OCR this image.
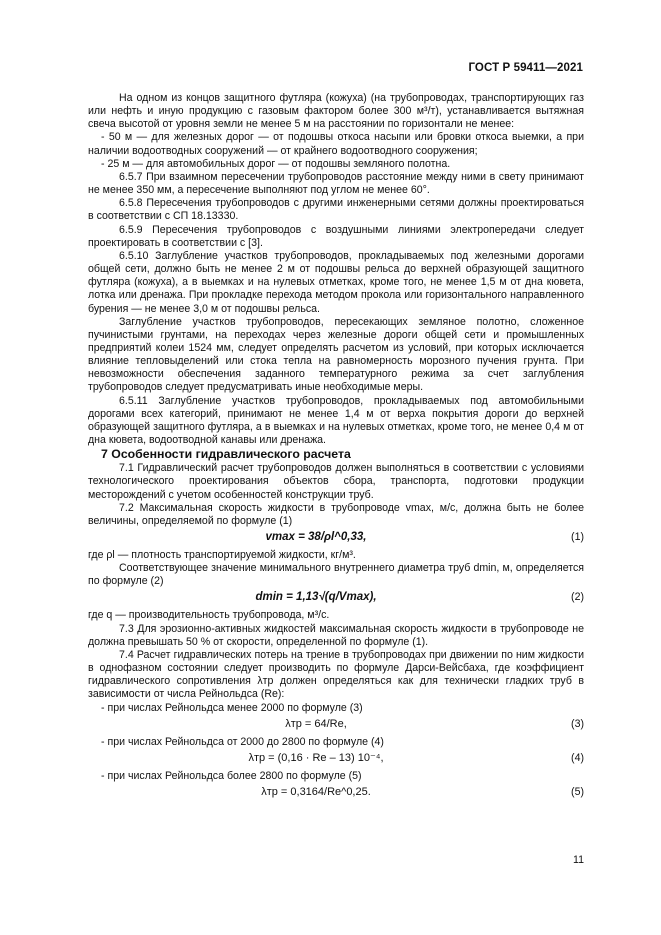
ГОСТ Р 59411—2021

На одном из концов защитного футляра (кожуха) (на трубопроводах, транспортирующих газ или нефть и иную продукцию с газовым фактором более 300 м³/т), устанавливается вытяжная свеча высотой от уровня земли не менее 5 м на расстоянии по горизонтали не менее:

- 50 м — для железных дорог — от подошвы откоса насыпи или бровки откоса выемки, а при наличии водоотводных сооружений — от крайнего водоотводного сооружения;

- 25 м — для автомобильных дорог — от подошвы земляного полотна.

6.5.7 При взаимном пересечении трубопроводов расстояние между ними в свету принимают не менее 350 мм, а пересечение выполняют под углом не менее 60°.

6.5.8 Пересечения трубопроводов с другими инженерными сетями должны проектироваться в соответствии с СП 18.13330.

6.5.9 Пересечения трубопроводов с воздушными линиями электропередачи следует проектировать в соответствии с [3].

6.5.10 Заглубление участков трубопроводов, прокладываемых под железными дорогами общей сети, должно быть не менее 2 м от подошвы рельса до верхней образующей защитного футляра (кожуха), а в выемках и на нулевых отметках, кроме того, не менее 1,5 м от дна кювета, лотка или дренажа. При прокладке перехода методом прокола или горизонтального направленного бурения — не менее 3,0 м от подошвы рельса.

Заглубление участков трубопроводов, пересекающих земляное полотно, сложенное пучинистыми грунтами, на переходах через железные дороги общей сети и промышленных предприятий колеи 1524 мм, следует определять расчетом из условий, при которых исключается влияние тепловыделений или стока тепла на равномерность морозного пучения грунта. При невозможности обеспечения заданного температурного режима за счет заглубления трубопроводов следует предусматривать иные необходимые меры.

6.5.11 Заглубление участков трубопроводов, прокладываемых под автомобильными дорогами всех категорий, принимают не менее 1,4 м от верха покрытия дороги до верхней образующей защитного футляра, а в выемках и на нулевых отметках, кроме того, не менее 0,4 м от дна кювета, водоотводной канавы или дренажа.

7 Особенности гидравлического расчета

7.1 Гидравлический расчет трубопроводов должен выполняться в соответствии с условиями технологического проектирования объектов сбора, транспорта, подготовки продукции месторождений с учетом особенностей конструкции труб.

7.2 Максимальная скорость жидкости в трубопроводе vmax, м/с, должна быть не более величины, определяемой по формуле (1)

vmax = 38/ρl^0,33,	(1)

где ρl — плотность транспортируемой жидкости, кг/м³.

Соответствующее значение минимального внутреннего диаметра труб dmin, м, определяется по формуле (2)

dmin = 1,13√(q/Vmax),	(2)

где q — производительность трубопровода, м³/с.

7.3 Для эрозионно-активных жидкостей максимальная скорость жидкости в трубопроводе не должна превышать 50 % от скорости, определенной по формуле (1).

7.4 Расчет гидравлических потерь на трение в трубопроводах при движении по ним жидкости в однофазном состоянии следует производить по формуле Дарси-Вейсбаха, где коэффициент гидравлического сопротивления λтр должен определяться как для технически гладких труб в зависимости от числа Рейнольдса (Re):

- при числах Рейнольдса менее 2000 по формуле (3)

λтр = 64/Re,	(3)

- при числах Рейнольдса от 2000 до 2800 по формуле (4)

λтр = (0,16 · Re – 13) 10⁻⁴,	(4)

- при числах Рейнольдса более 2800 по формуле (5)

λтр = 0,3164/Re^0,25.	(5)
11
